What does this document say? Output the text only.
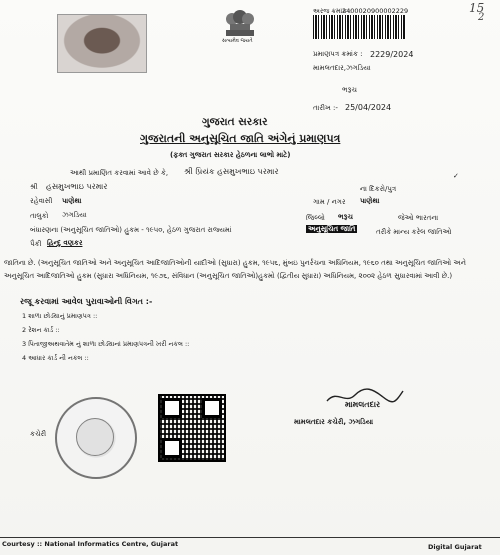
15
2
સત્યમેવ જયતે
અરજ ક્રમાંક :
2400020900002229
પ્રમાણપત્ર ક્રમાંક : 2229/2024
મામલતદાર,ઝગડિયા
ભરૂચ
તારીખ :- 25/04/2024
ગુજરાત સરકાર
ગુજરાતની અનુસૂચિત જાતિ અંગેનું પ્રમાણપત્ર
(ફક્ત ગુજરાત સરકાર હેઠળના લાભો માટે)
આથી પ્રમાણિત કરવામાં આવે છે કે, શ્રી પ્રિયંક હસમુખભાઇ પરમાર	✓
શ્રી હસમુખભાઇ પરમાર	ના દિકરો/પુત્ર
રહેવાસી પાણેથા	ગામ / નગર પાણેથા
તાલુકો ઝગડિયા	જિલ્લો ભરૂચ	જેઓ ભારતના
બંધારણના (અનુસૂચિત જાતિઓ) હુકમ - ૧૯૫૦, હેઠળ ગુજરાત રાજ્યમાં	અનુસૂચિત જાતિ	તરીકે માન્ય કરેલ જાતિઓ
પૈકી હિન્દુ વણકર
જાતિના છે. (અનુસૂચિત જાતિઓ અને અનુસૂચિત આદિજાતિઓની યાદીઓ (સુધારા) હુકમ, ૧૯૫૬, મુંબઇ પુનર્રચના અધિનિયમ, ૧૯૬૦ તથા અનુસૂચિત જાતિઓ અને અનુસૂચિત આદિજાતિઓ હુકમ (સુધારા અધિનિયમ, ૧૯૭૬, સંવિધાન (અનુસૂચિત જાતિઓ)હુકમો (દ્વિતીય સુધારા) અધિનિયમ, ૨૦૦૨ હેઠળ સુધારવામાં આવી છે.)
રજૂ કરવામાં આવેલ પુરાવાઓની વિગત :-
1 શાળા છોડ્યાનું પ્રમાણપત્ર ::
2 રેશન કાર્ડ ::
3 પિતાજીઅથવાતેમ નું શાળા છોડ્યાનાં પ્રમાણપત્રની ખરી નકલ ::
4 આધાર કાર્ડ ની નકલ ::
કચેરી
મામલતદાર
મામલતદાર કચેરી, ઝગડિયા
Courtesy :: National Informatics Centre, Gujarat	Digital Gujarat
